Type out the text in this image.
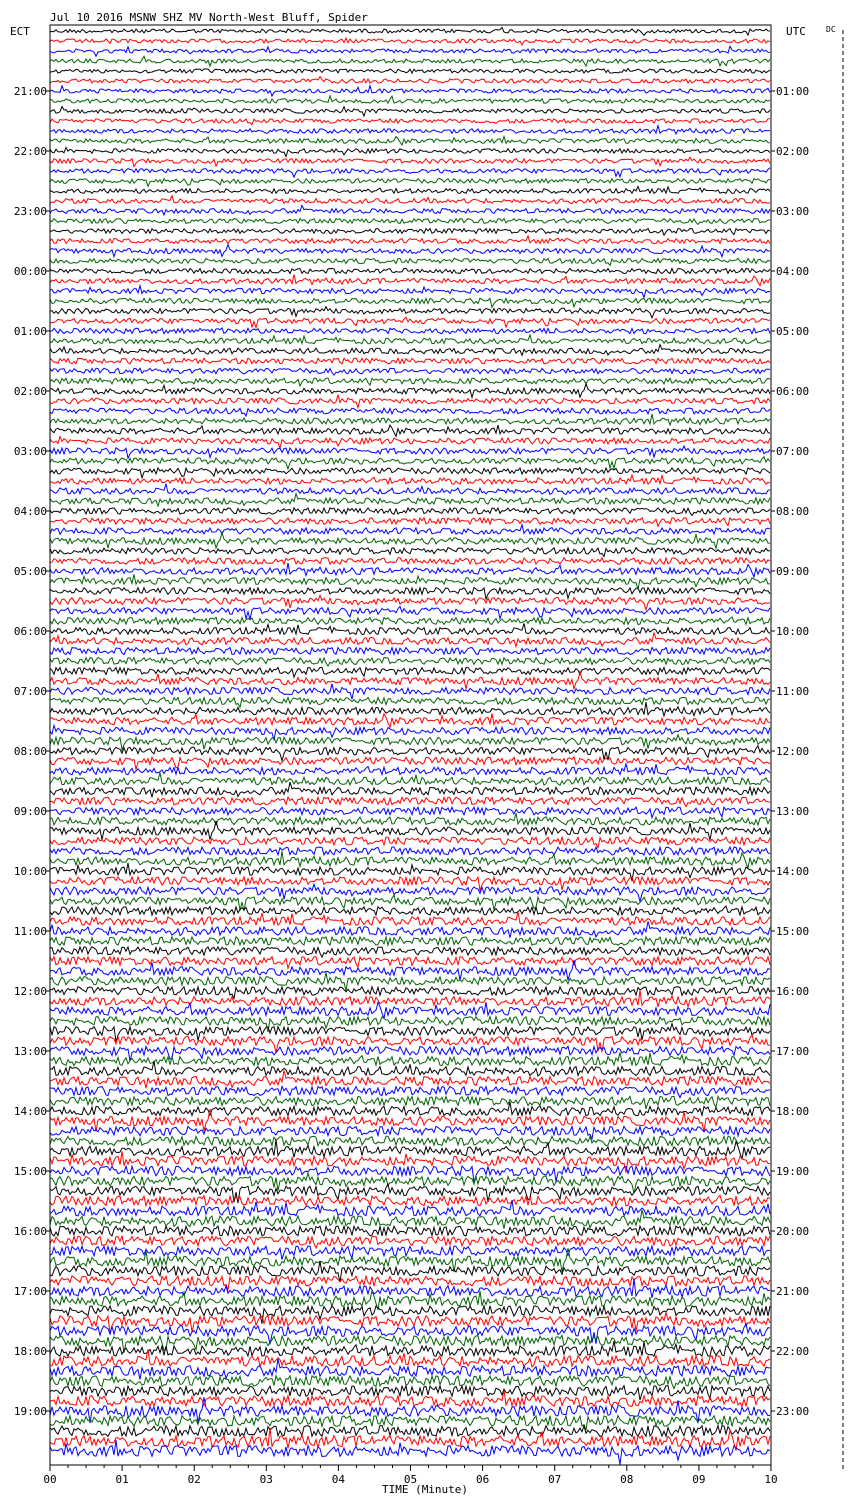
Jul 10 2016 MSNW SHZ MV North-West Bluff, Spider
ECT	UTC	DC
21:00
22:00
23:00
00:00
01:00
02:00
03:00
04:00
05:00
06:00
07:00
08:00
09:00
10:00
11:00
12:00
13:00
14:00
15:00
16:00
17:00
18:00
19:00
01:00
02:00
03:00
04:00
05:00
06:00
07:00
08:00
09:00
10:00
11:00
12:00
13:00
14:00
15:00
16:00
17:00
18:00
19:00
20:00
21:00
22:00
23:00
00	01	02	03	04	05	06	07	08	09	10
TIME (Minute)
